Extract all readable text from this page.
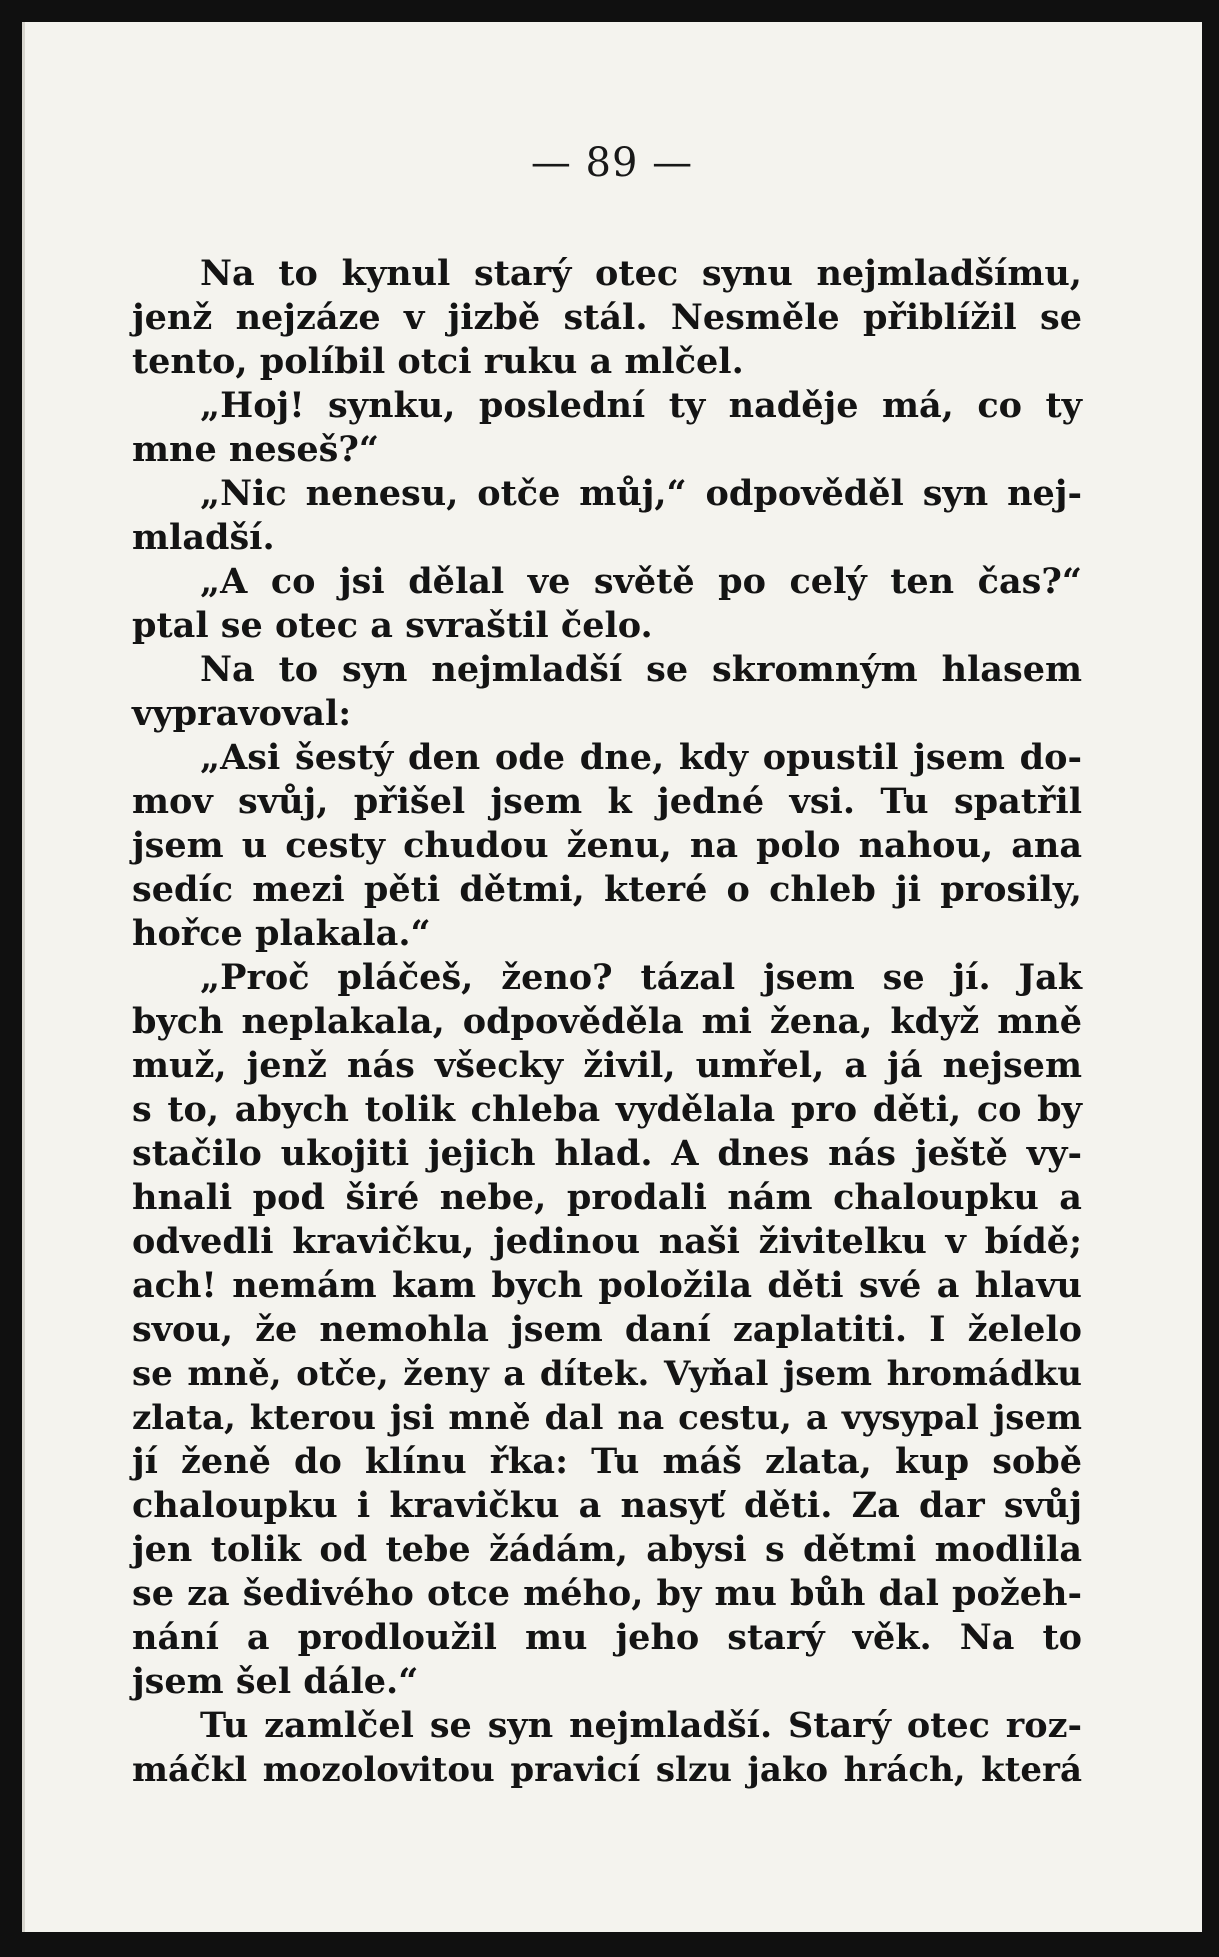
— 89 —
Na to kynul starý otec synu nejmladšímu,
jenž nejzáze v jizbě stál. Nesměle přiblížil se
tento, políbil otci ruku a mlčel.
„Hoj! synku, poslední ty naděje má, co ty
mne neseš?“
„Nic nenesu, otče můj,“ odpověděl syn nej-
mladší.
„A co jsi dělal ve světě po celý ten čas?“
ptal se otec a svraštil čelo.
Na to syn nejmladší se skromným hlasem
vypravoval:
„Asi šestý den ode dne, kdy opustil jsem do-
mov svůj, přišel jsem k jedné vsi. Tu spatřil
jsem u cesty chudou ženu, na polo nahou, ana
sedíc mezi pěti dětmi, které o chleb ji prosily,
hořce plakala.“
„Proč pláčeš, ženo? tázal jsem se jí. Jak
bych neplakala, odpověděla mi žena, když mně
muž, jenž nás všecky živil, umřel, a já nejsem
s to, abych tolik chleba vydělala pro děti, co by
stačilo ukojiti jejich hlad. A dnes nás ještě vy-
hnali pod širé nebe, prodali nám chaloupku a
odvedli kravičku, jedinou naši živitelku v bídě;
ach! nemám kam bych položila děti své a hlavu
svou, že nemohla jsem daní zaplatiti. I želelo
se mně, otče, ženy a dítek. Vyňal jsem hromádku
zlata, kterou jsi mně dal na cestu, a vysypal jsem
jí ženě do klínu řka: Tu máš zlata, kup sobě
chaloupku i kravičku a nasyť děti. Za dar svůj
jen tolik od tebe žádám, abysi s dětmi modlila
se za šedivého otce mého, by mu bůh dal požeh-
nání a prodloužil mu jeho starý věk. Na to
jsem šel dále.“
Tu zamlčel se syn nejmladší. Starý otec roz-
máčkl mozolovitou pravicí slzu jako hrách, která
